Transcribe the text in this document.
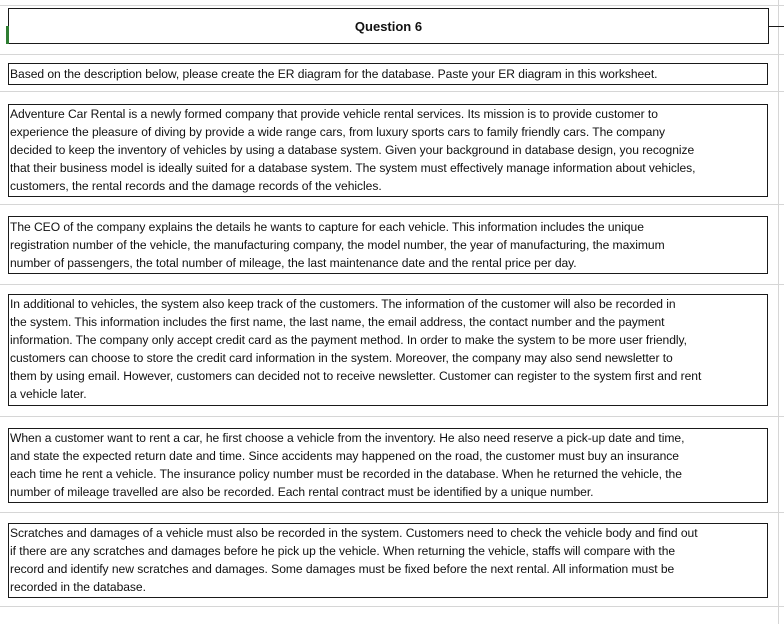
Question 6
Based on the description below, please create the ER diagram for the database. Paste your ER diagram in this worksheet.
Adventure Car Rental is a newly formed company that provide vehicle rental services. Its mission is to provide customer to
experience the pleasure of diving by provide a wide range cars, from luxury sports cars to family friendly cars. The company
decided to keep the inventory of vehicles by using a database system. Given your background in database design, you recognize
that their business model is ideally suited for a database system. The system must effectively manage information about vehicles,
customers, the rental records and the damage records of the vehicles.
The CEO of the company explains the details he wants to capture for each vehicle. This information includes the unique
registration number of the vehicle, the manufacturing company, the model number, the year of manufacturing, the maximum
number of passengers, the total number of mileage, the last maintenance date and the rental price per day.
In additional to vehicles, the system also keep track of the customers. The information of the customer will also be recorded in
the system. This information includes the first name, the last name, the email address, the contact number and the payment
information. The company only accept credit card as the payment method. In order to make the system to be more user friendly,
customers can choose to store the credit card information in the system. Moreover, the company may also send newsletter to
them by using email. However, customers can decided not to receive newsletter. Customer can register to the system first and rent
a vehicle later.
When a customer want to rent a car, he first choose a vehicle from the inventory. He also need reserve a pick-up date and time,
and state the expected return date and time. Since accidents may happened on the road, the customer must buy an insurance
each time he rent a vehicle. The insurance policy number must be recorded in the database. When he returned the vehicle, the
number of mileage travelled are also be recorded. Each rental contract must be identified by a unique number.
Scratches and damages of a vehicle must also be recorded in the system. Customers need to check the vehicle body and find out
if there are any scratches and damages before he pick up the vehicle. When returning the vehicle, staffs will compare with the
record and identify new scratches and damages. Some damages must be fixed before the next rental. All information must be
recorded in the database.
